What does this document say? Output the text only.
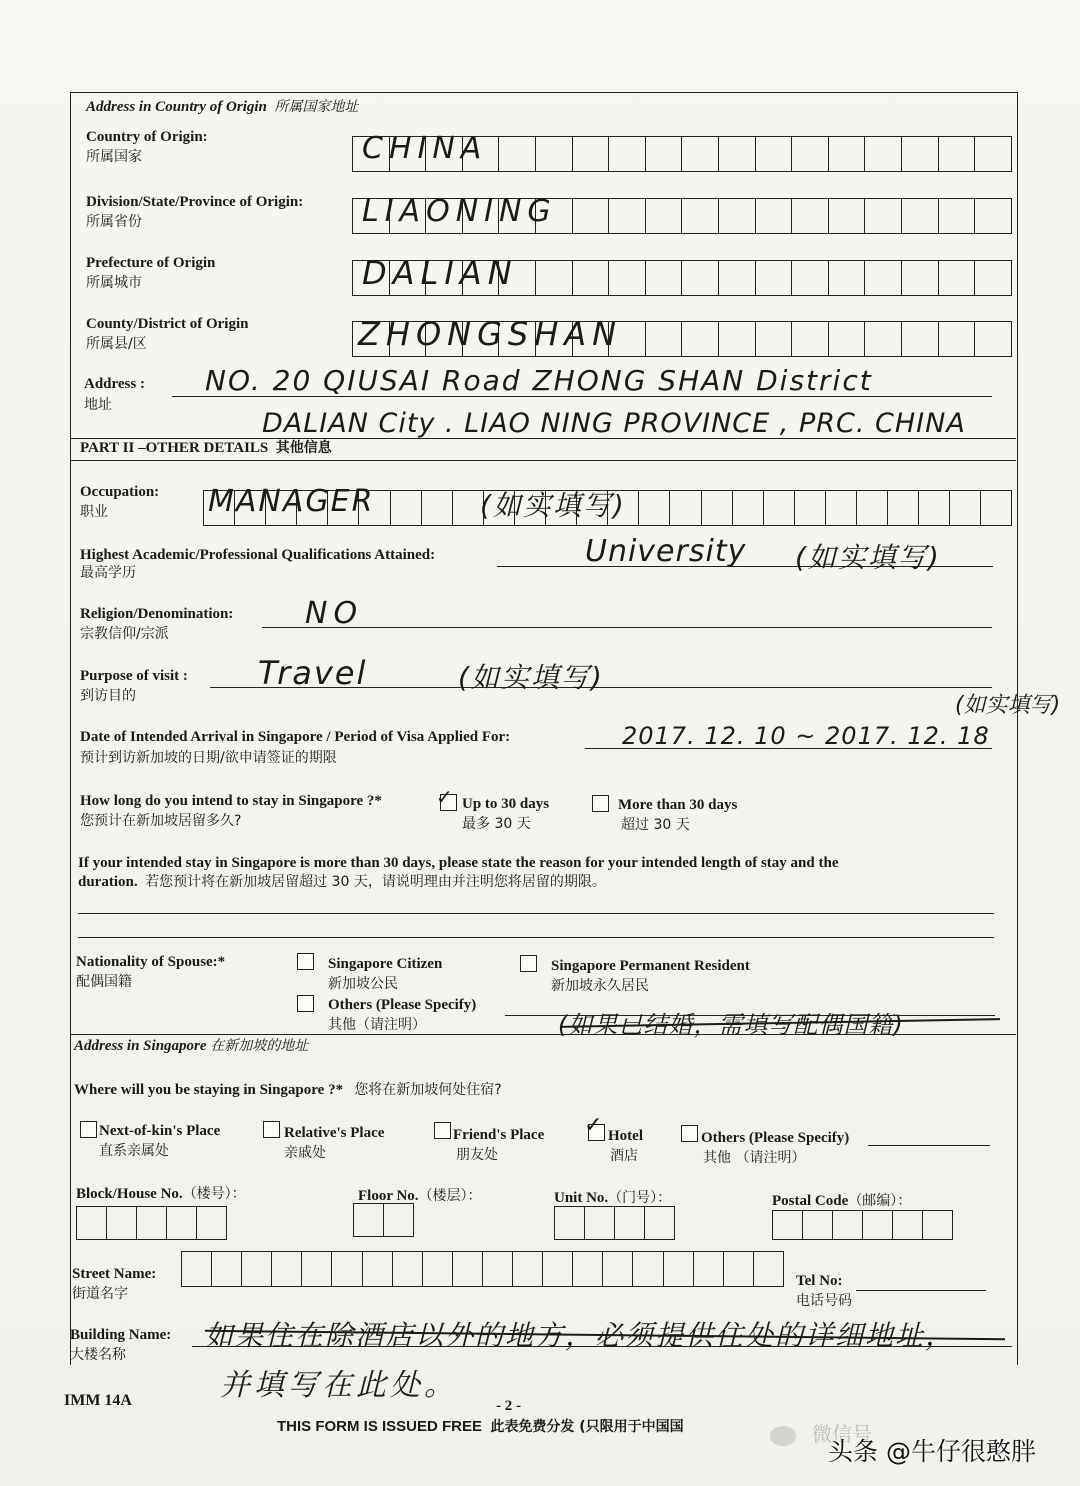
Address in Country of Origin 所属国家地址
Country of Origin:
所属国家	CHINA
Division/State/Province of Origin:
所属省份	LIAONING
Prefecture of Origin
所属城市	DALIAN
County/District of Origin
所属县/区	ZHONGSHAN
Address :
地址
NO. 20 QIUSAI Road ZHONG SHAN District
DALIAN City . LIAO NING PROVINCE , PRC. CHINA
PART II –OTHER DETAILS 其他信息
Occupation:
职业	MANAGER	(如实填写)
Highest Academic/Professional Qualifications Attained:
最高学历
University (如实填写)
Religion/Denomination:
宗教信仰/宗派
NO
Purpose of visit :
到访目的
Travel	(如实填写)
(如实填写)
Date of Intended Arrival in Singapore / Period of Visa Applied For:
预计到访新加坡的日期/欲申请签证的期限
2017. 12. 10 ~ 2017. 12. 18
How long do you intend to stay in Singapore ?*
您预计在新加坡居留多久?
✓ Up to 30 days
最多 30 天
More than 30 days
超过 30 天
If your intended stay in Singapore is more than 30 days, please state the reason for your intended length of stay and the
duration. 若您预计将在新加坡居留超过 30 天，请说明理由并注明您将居留的期限。
Nationality of Spouse:*
配偶国籍
Singapore Citizen
新加坡公民
Singapore Permanent Resident
新加坡永久居民
Others (Please Specify)
其他（请注明）	(如果已结婚，需填写配偶国籍)
Address in Singapore 在新加坡的地址
Where will you be staying in Singapore ?* 您将在新加坡何处住宿?
Next-of-kin's Place
直系亲属处
Relative's Place
亲戚处
Friend's Place
朋友处
✓ Hotel
酒店
Others (Please Specify)
其他 （请注明）
Block/House No.（楼号）：	Floor No.（楼层）：	Unit No.（门号）：	Postal Code（邮编）：
Street Name:
街道名字
Tel No:
电话号码
Building Name:
大楼名称
如果住在除酒店以外的地方，必须提供住处的详细地址，
并填写在此处。
IMM 14A	- 2 -
THIS FORM IS ISSUED FREE 此表免费分发 (只限用于中国国	微信号
头条 @牛仔很憨胖
